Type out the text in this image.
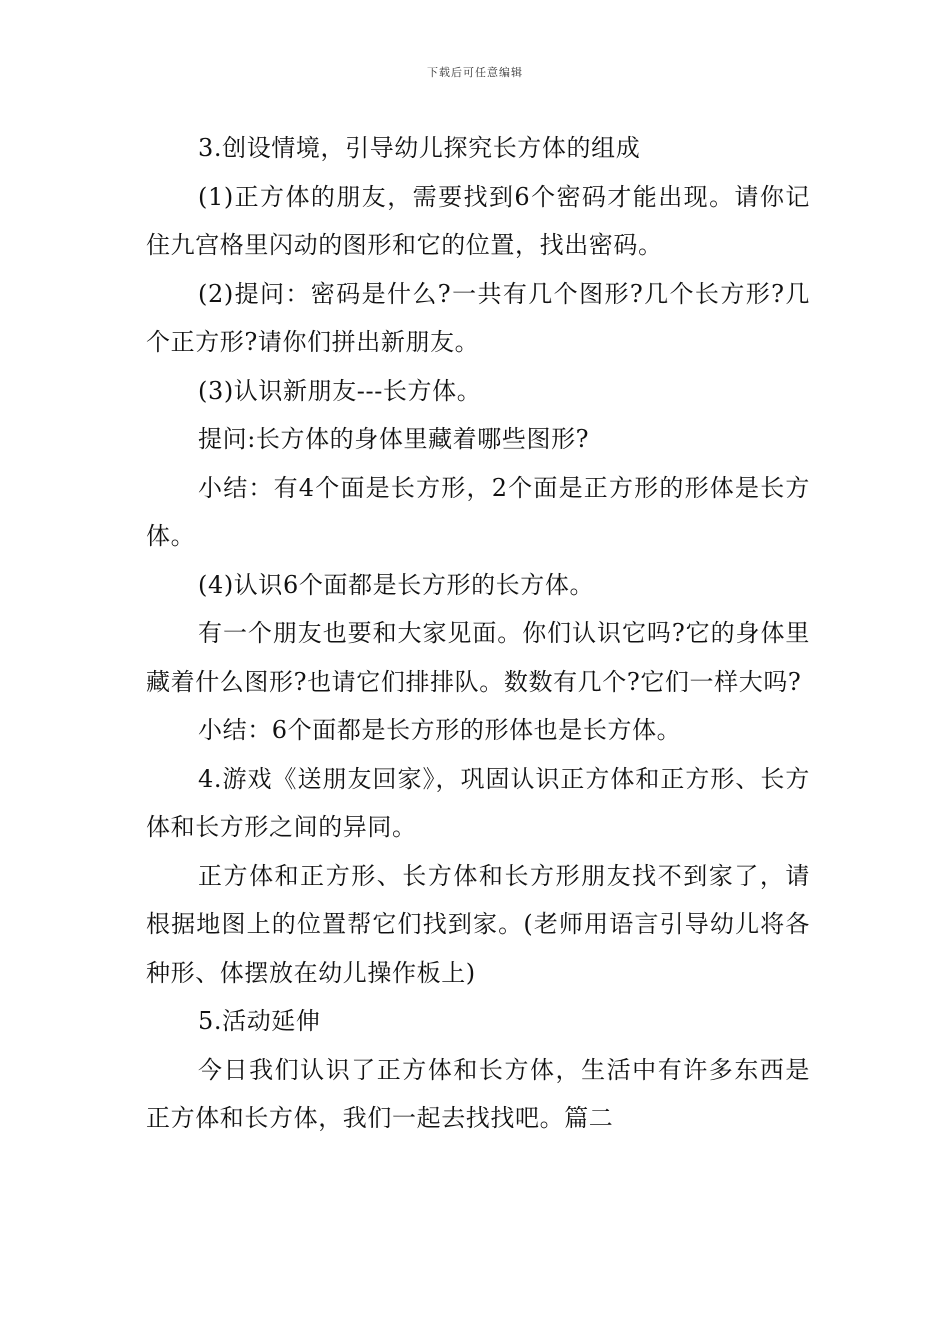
下载后可任意编辑

3.创设情境，引导幼儿探究长方体的组成

(1)正方体的朋友，需要找到6个密码才能出现。请你记住九宫格里闪动的图形和它的位置，找出密码。

(2)提问：密码是什么?一共有几个图形?几个长方形?几个正方形?请你们拼出新朋友。

(3)认识新朋友---长方体。

提问:长方体的身体里藏着哪些图形?

小结：有4个面是长方形，2个面是正方形的形体是长方体。

(4)认识6个面都是长方形的长方体。

有一个朋友也要和大家见面。你们认识它吗?它的身体里藏着什么图形?也请它们排排队。数数有几个?它们一样大吗?

小结：6个面都是长方形的形体也是长方体。

4.游戏《送朋友回家》，巩固认识正方体和正方形、长方体和长方形之间的异同。

正方体和正方形、长方体和长方形朋友找不到家了，请根据地图上的位置帮它们找到家。(老师用语言引导幼儿将各种形、体摆放在幼儿操作板上)

5.活动延伸

今日我们认识了正方体和长方体，生活中有许多东西是正方体和长方体，我们一起去找找吧。篇二
